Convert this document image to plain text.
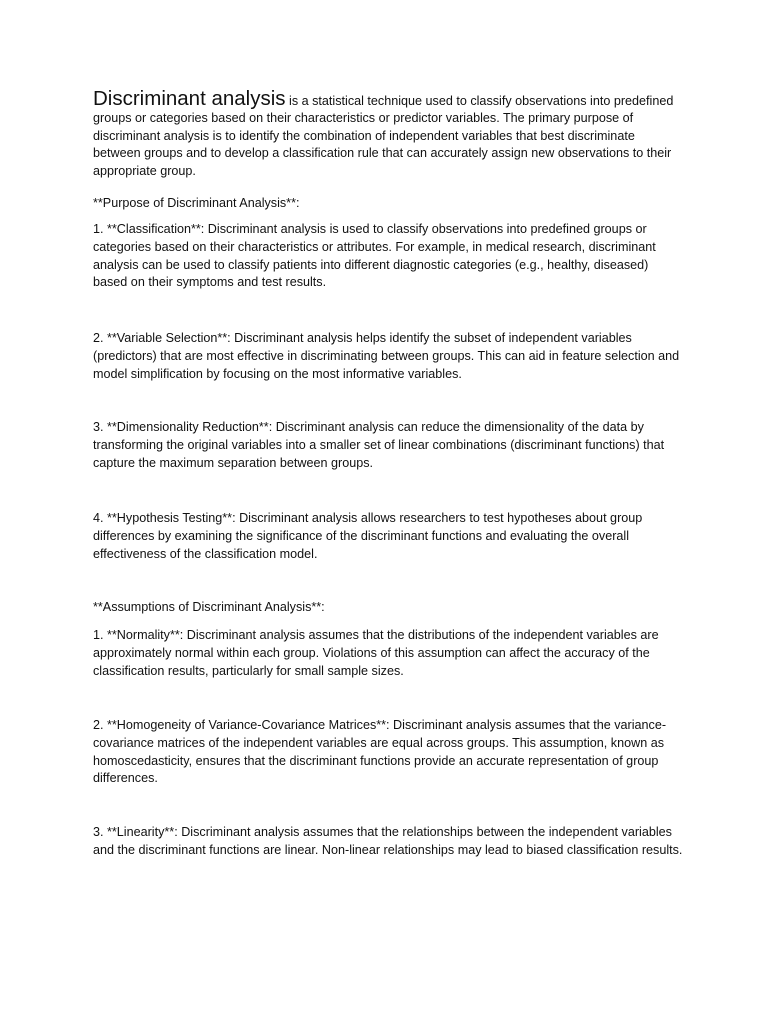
Discriminant analysis is a statistical technique used to classify observations into predefined groups or categories based on their characteristics or predictor variables. The primary purpose of discriminant analysis is to identify the combination of independent variables that best discriminate between groups and to develop a classification rule that can accurately assign new observations to their appropriate group.

**Purpose of Discriminant Analysis**:

1. **Classification**: Discriminant analysis is used to classify observations into predefined groups or categories based on their characteristics or attributes. For example, in medical research, discriminant analysis can be used to classify patients into different diagnostic categories (e.g., healthy, diseased) based on their symptoms and test results.

2. **Variable Selection**: Discriminant analysis helps identify the subset of independent variables (predictors) that are most effective in discriminating between groups. This can aid in feature selection and model simplification by focusing on the most informative variables.

3. **Dimensionality Reduction**: Discriminant analysis can reduce the dimensionality of the data by transforming the original variables into a smaller set of linear combinations (discriminant functions) that capture the maximum separation between groups.

4. **Hypothesis Testing**: Discriminant analysis allows researchers to test hypotheses about group differences by examining the significance of the discriminant functions and evaluating the overall effectiveness of the classification model.

**Assumptions of Discriminant Analysis**:

1. **Normality**: Discriminant analysis assumes that the distributions of the independent variables are approximately normal within each group. Violations of this assumption can affect the accuracy of the classification results, particularly for small sample sizes.

2. **Homogeneity of Variance-Covariance Matrices**: Discriminant analysis assumes that the variance-covariance matrices of the independent variables are equal across groups. This assumption, known as homoscedasticity, ensures that the discriminant functions provide an accurate representation of group differences.

3. **Linearity**: Discriminant analysis assumes that the relationships between the independent variables and the discriminant functions are linear. Non-linear relationships may lead to biased classification results.
